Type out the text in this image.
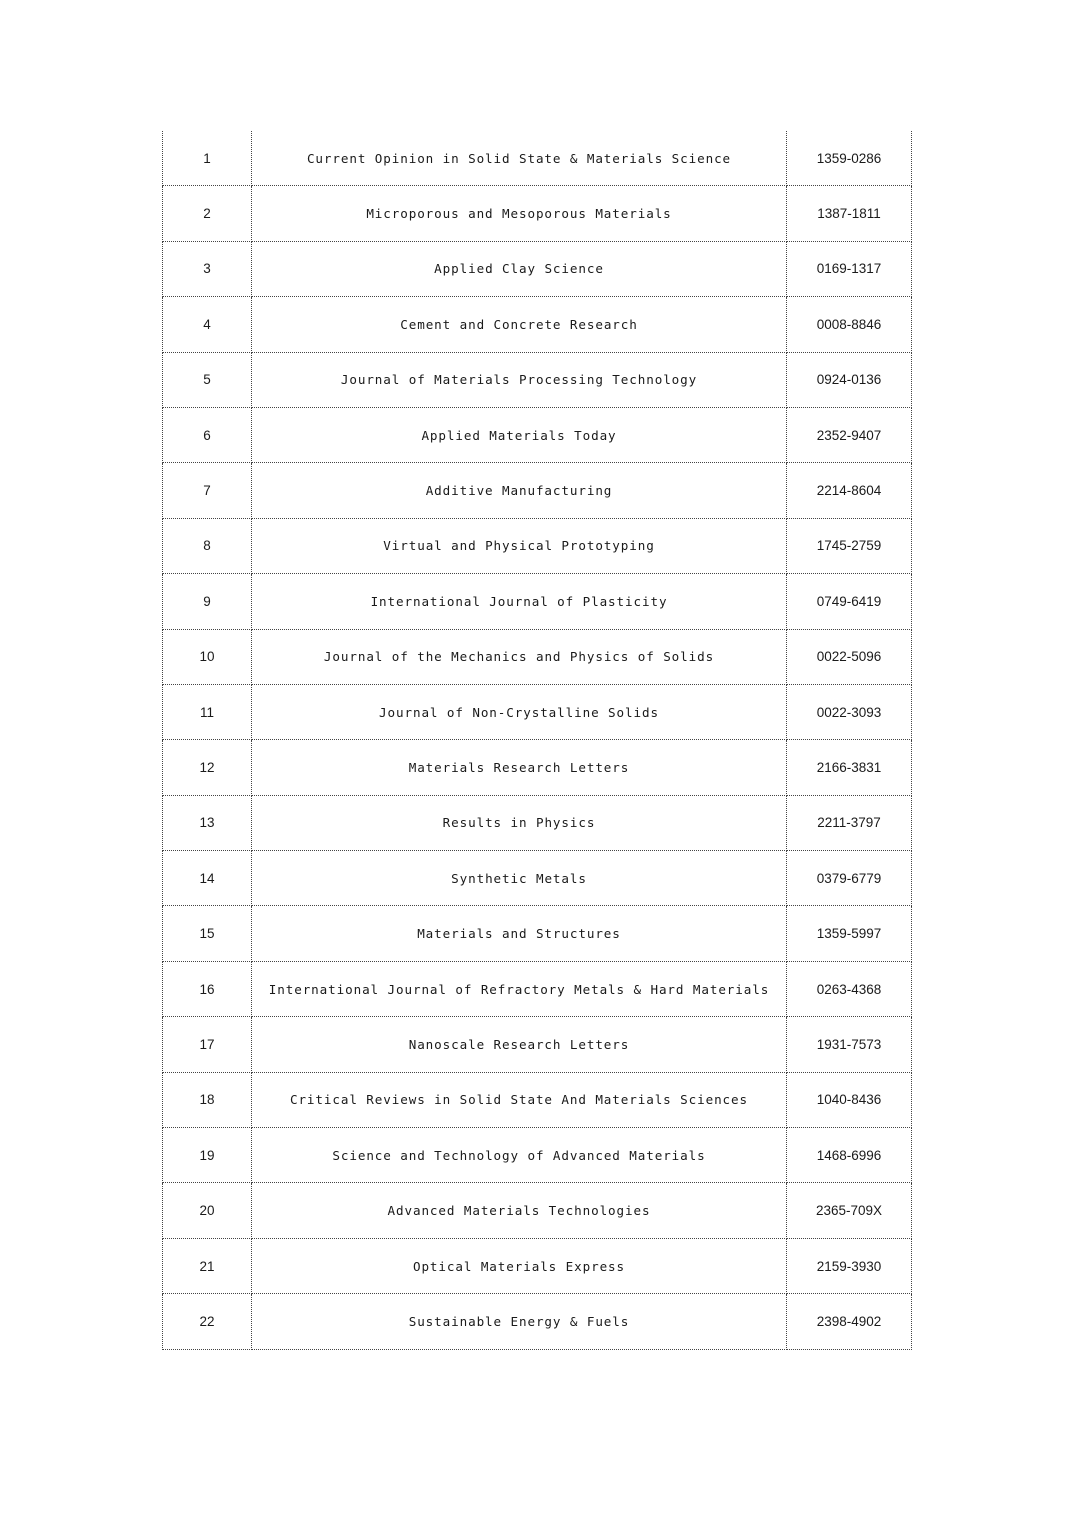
1	Current Opinion in Solid State & Materials Science	1359-0286
2	Microporous and Mesoporous Materials	1387-1811
3	Applied Clay Science	0169-1317
4	Cement and Concrete Research	0008-8846
5	Journal of Materials Processing Technology	0924-0136
6	Applied Materials Today	2352-9407
7	Additive Manufacturing	2214-8604
8	Virtual and Physical Prototyping	1745-2759
9	International Journal of Plasticity	0749-6419
10	Journal of the Mechanics and Physics of Solids	0022-5096
11	Journal of Non-Crystalline Solids	0022-3093
12	Materials Research Letters	2166-3831
13	Results in Physics	2211-3797
14	Synthetic Metals	0379-6779
15	Materials and Structures	1359-5997
16	International Journal of Refractory Metals & Hard Materials	0263-4368
17	Nanoscale Research Letters	1931-7573
18	Critical Reviews in Solid State And Materials Sciences	1040-8436
19	Science and Technology of Advanced Materials	1468-6996
20	Advanced Materials Technologies	2365-709X
21	Optical Materials Express	2159-3930
22	Sustainable Energy & Fuels	2398-4902
